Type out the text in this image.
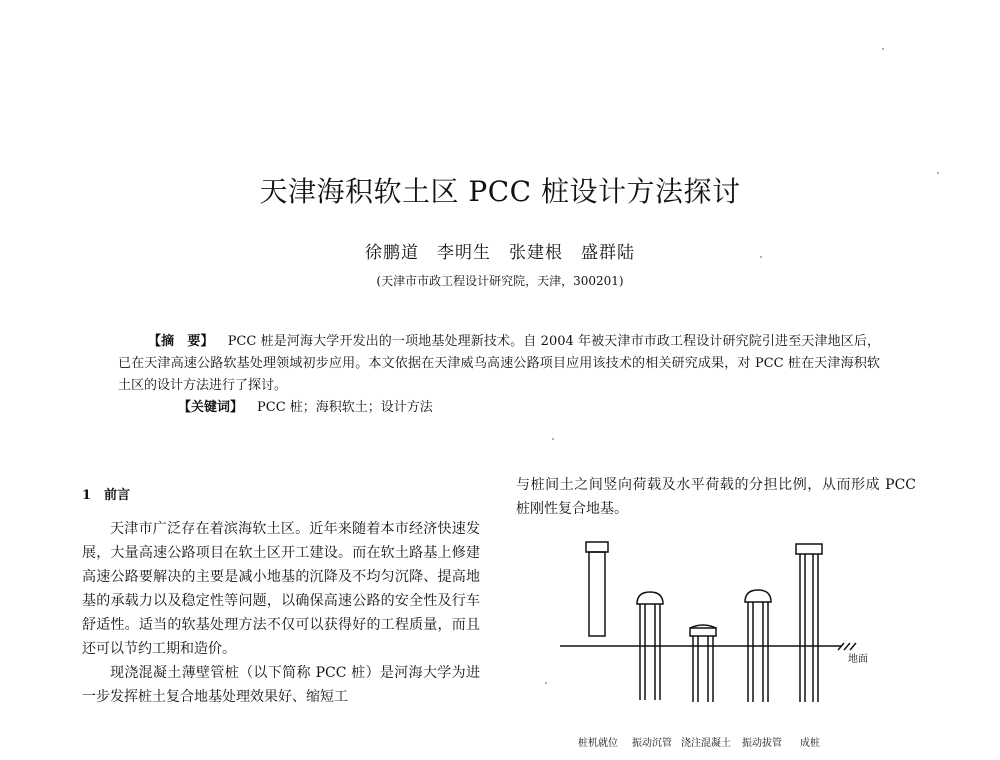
天津海积软土区 PCC 桩设计方法探讨
徐鹏道　李明生　张建根　盛群陆
(天津市市政工程设计研究院，天津，300201)

【摘　要】 PCC 桩是河海大学开发出的一项地基处理新技术。自 2004 年被天津市市政工程设计研究院引进至天津地区后，已在天津高速公路软基处理领域初步应用。本文依据在天津威乌高速公路项目应用该技术的相关研究成果，对 PCC 桩在天津海积软土区的设计方法进行了探讨。

【关键词】 PCC 桩；海积软土；设计方法

1　前言

天津市广泛存在着滨海软土区。近年来随着本市经济快速发展，大量高速公路项目在软土区开工建设。而在软土路基上修建高速公路要解决的主要是减小地基的沉降及不均匀沉降、提高地基的承载力以及稳定性等问题，以确保高速公路的安全性及行车舒适性。适当的软基处理方法不仅可以获得好的工程质量，而且还可以节约工期和造价。

现浇混凝土薄壁管桩（以下简称 PCC 桩）是河海大学为进一步发挥桩土复合地基处理效果好、缩短工

与桩间土之间竖向荷载及水平荷载的分担比例，从而形成 PCC 桩刚性复合地基。

地面
桩机就位 振动沉管 浇注混凝土 振动拔管 成桩
